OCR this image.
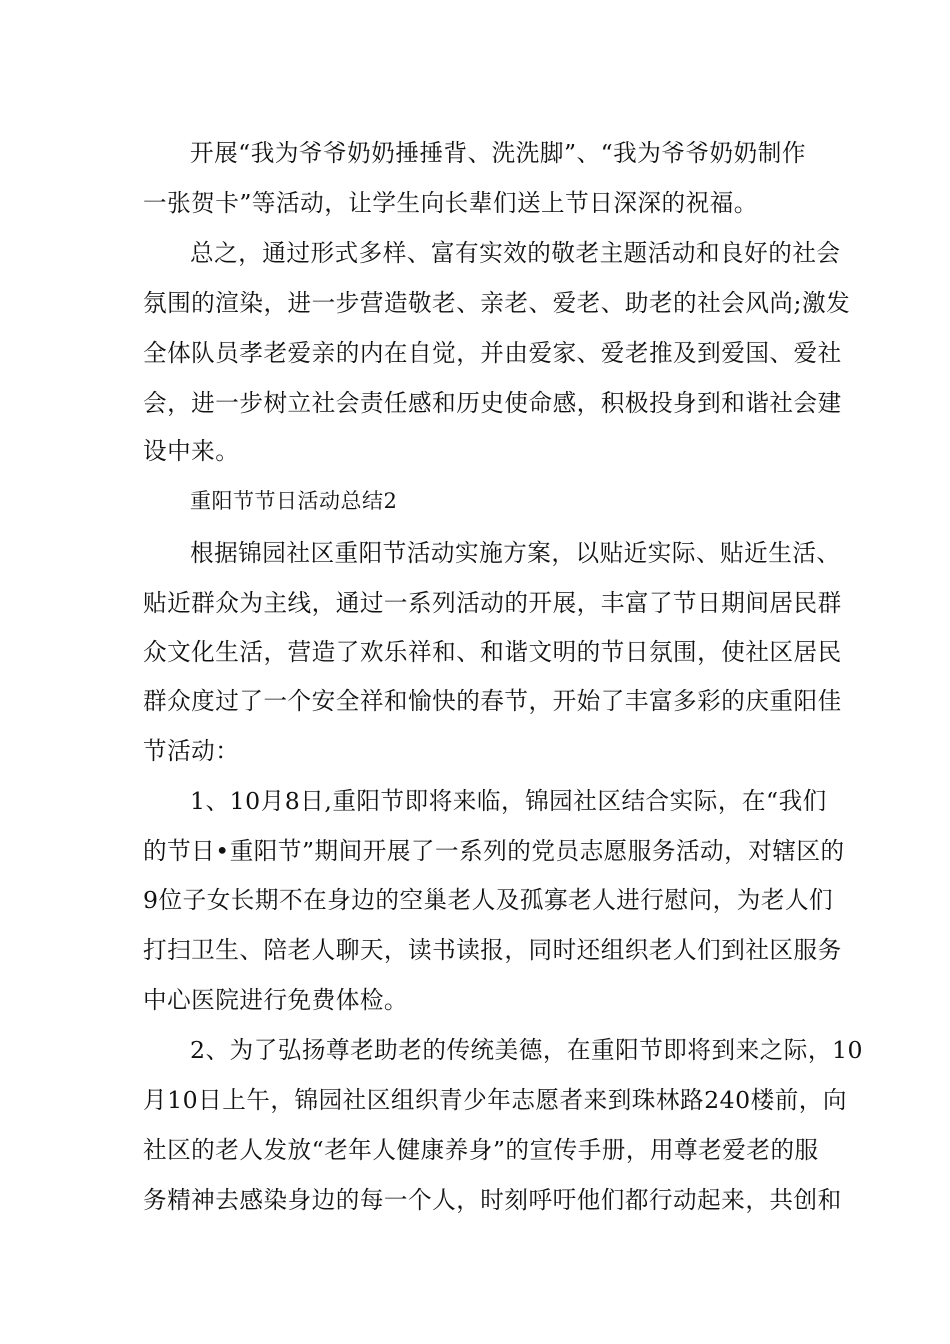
开展“我为爷爷奶奶捶捶背、洗洗脚”、“我为爷爷奶奶制作
一张贺卡”等活动，让学生向长辈们送上节日深深的祝福。
总之，通过形式多样、富有实效的敬老主题活动和良好的社会
氛围的渲染，进一步营造敬老、亲老、爱老、助老的社会风尚;激发
全体队员孝老爱亲的内在自觉，并由爱家、爱老推及到爱国、爱社
会，进一步树立社会责任感和历史使命感，积极投身到和谐社会建
设中来。
重阳节节日活动总结2
根据锦园社区重阳节活动实施方案，以贴近实际、贴近生活、
贴近群众为主线，通过一系列活动的开展，丰富了节日期间居民群
众文化生活，营造了欢乐祥和、和谐文明的节日氛围，使社区居民
群众度过了一个安全祥和愉快的春节，开始了丰富多彩的庆重阳佳
节活动：
1、10月8日,重阳节即将来临，锦园社区结合实际，在“我们
的节日•重阳节”期间开展了一系列的党员志愿服务活动，对辖区的
9位子女长期不在身边的空巢老人及孤寡老人进行慰问，为老人们
打扫卫生、陪老人聊天，读书读报，同时还组织老人们到社区服务
中心医院进行免费体检。
2、为了弘扬尊老助老的传统美德，在重阳节即将到来之际，10
月10日上午，锦园社区组织青少年志愿者来到珠林路240楼前，向
社区的老人发放“老年人健康养身”的宣传手册，用尊老爱老的服
务精神去感染身边的每一个人，时刻呼吁他们都行动起来，共创和
